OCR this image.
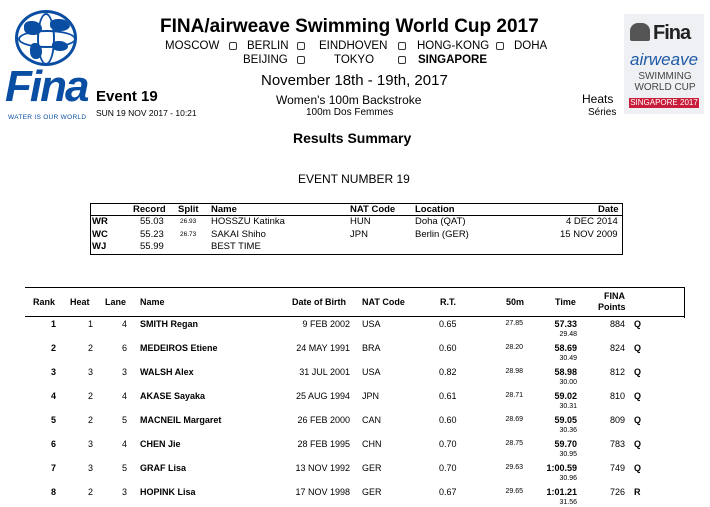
Fina
WATER IS OUR WORLD
Fina
airweave
SWIMMING
WORLD CUP
SINGAPORE 2017
FINA/airweave Swimming World Cup 2017
MOSCOW BERLIN	EINDHOVEN	HONG-KONG DOHA
BEIJING	TOKYO	SINGAPORE
November 18th - 19th, 2017
Event 19
SUN 19 NOV 2017 - 10:21
Women's 100m Backstroke
100m Dos Femmes
Heats
Séries
Results Summary
EVENT NUMBER 19
Record Split Name	NAT Code Location	Date
WR	55.03 26.93 HOSSZU Katinka	HUN	Doha (QAT)	4 DEC 2014
WC	55.23 26.73 SAKAI Shiho	JPN	Berlin (GER)	15 NOV 2009
WJ	55.99	BEST TIME
Rank Heat Lane Name	Date of Birth NAT Code	R.T.	50m	Time
FINA
Points
1	1	4 SMITH Regan	9 FEB 2002 USA	0.65	27.85	57.33	884 Q
29.48
2	2	6 MEDEIROS Etiene	24 MAY 1991 BRA	0.60	28.20	58.69	824 Q
30.49
3	3	3 WALSH Alex	31 JUL 2001 USA	0.82	28.98	58.98	812 Q
30.00
4	2	4 AKASE Sayaka	25 AUG 1994 JPN	0.61	28.71	59.02	810 Q
30.31
5	2	5 MACNEIL Margaret	26 FEB 2000 CAN	0.60	28.69	59.05	809 Q
30.36
6	3	4 CHEN Jie	28 FEB 1995 CHN	0.70	28.75	59.70	783 Q
30.95
7	3	5 GRAF Lisa	13 NOV 1992 GER	0.70	29.63	1:00.59	749 Q
30.96
8	2	3 HOPINK Lisa	17 NOV 1998 GER	0.67	29.65	1:01.21	726 R
31.56
